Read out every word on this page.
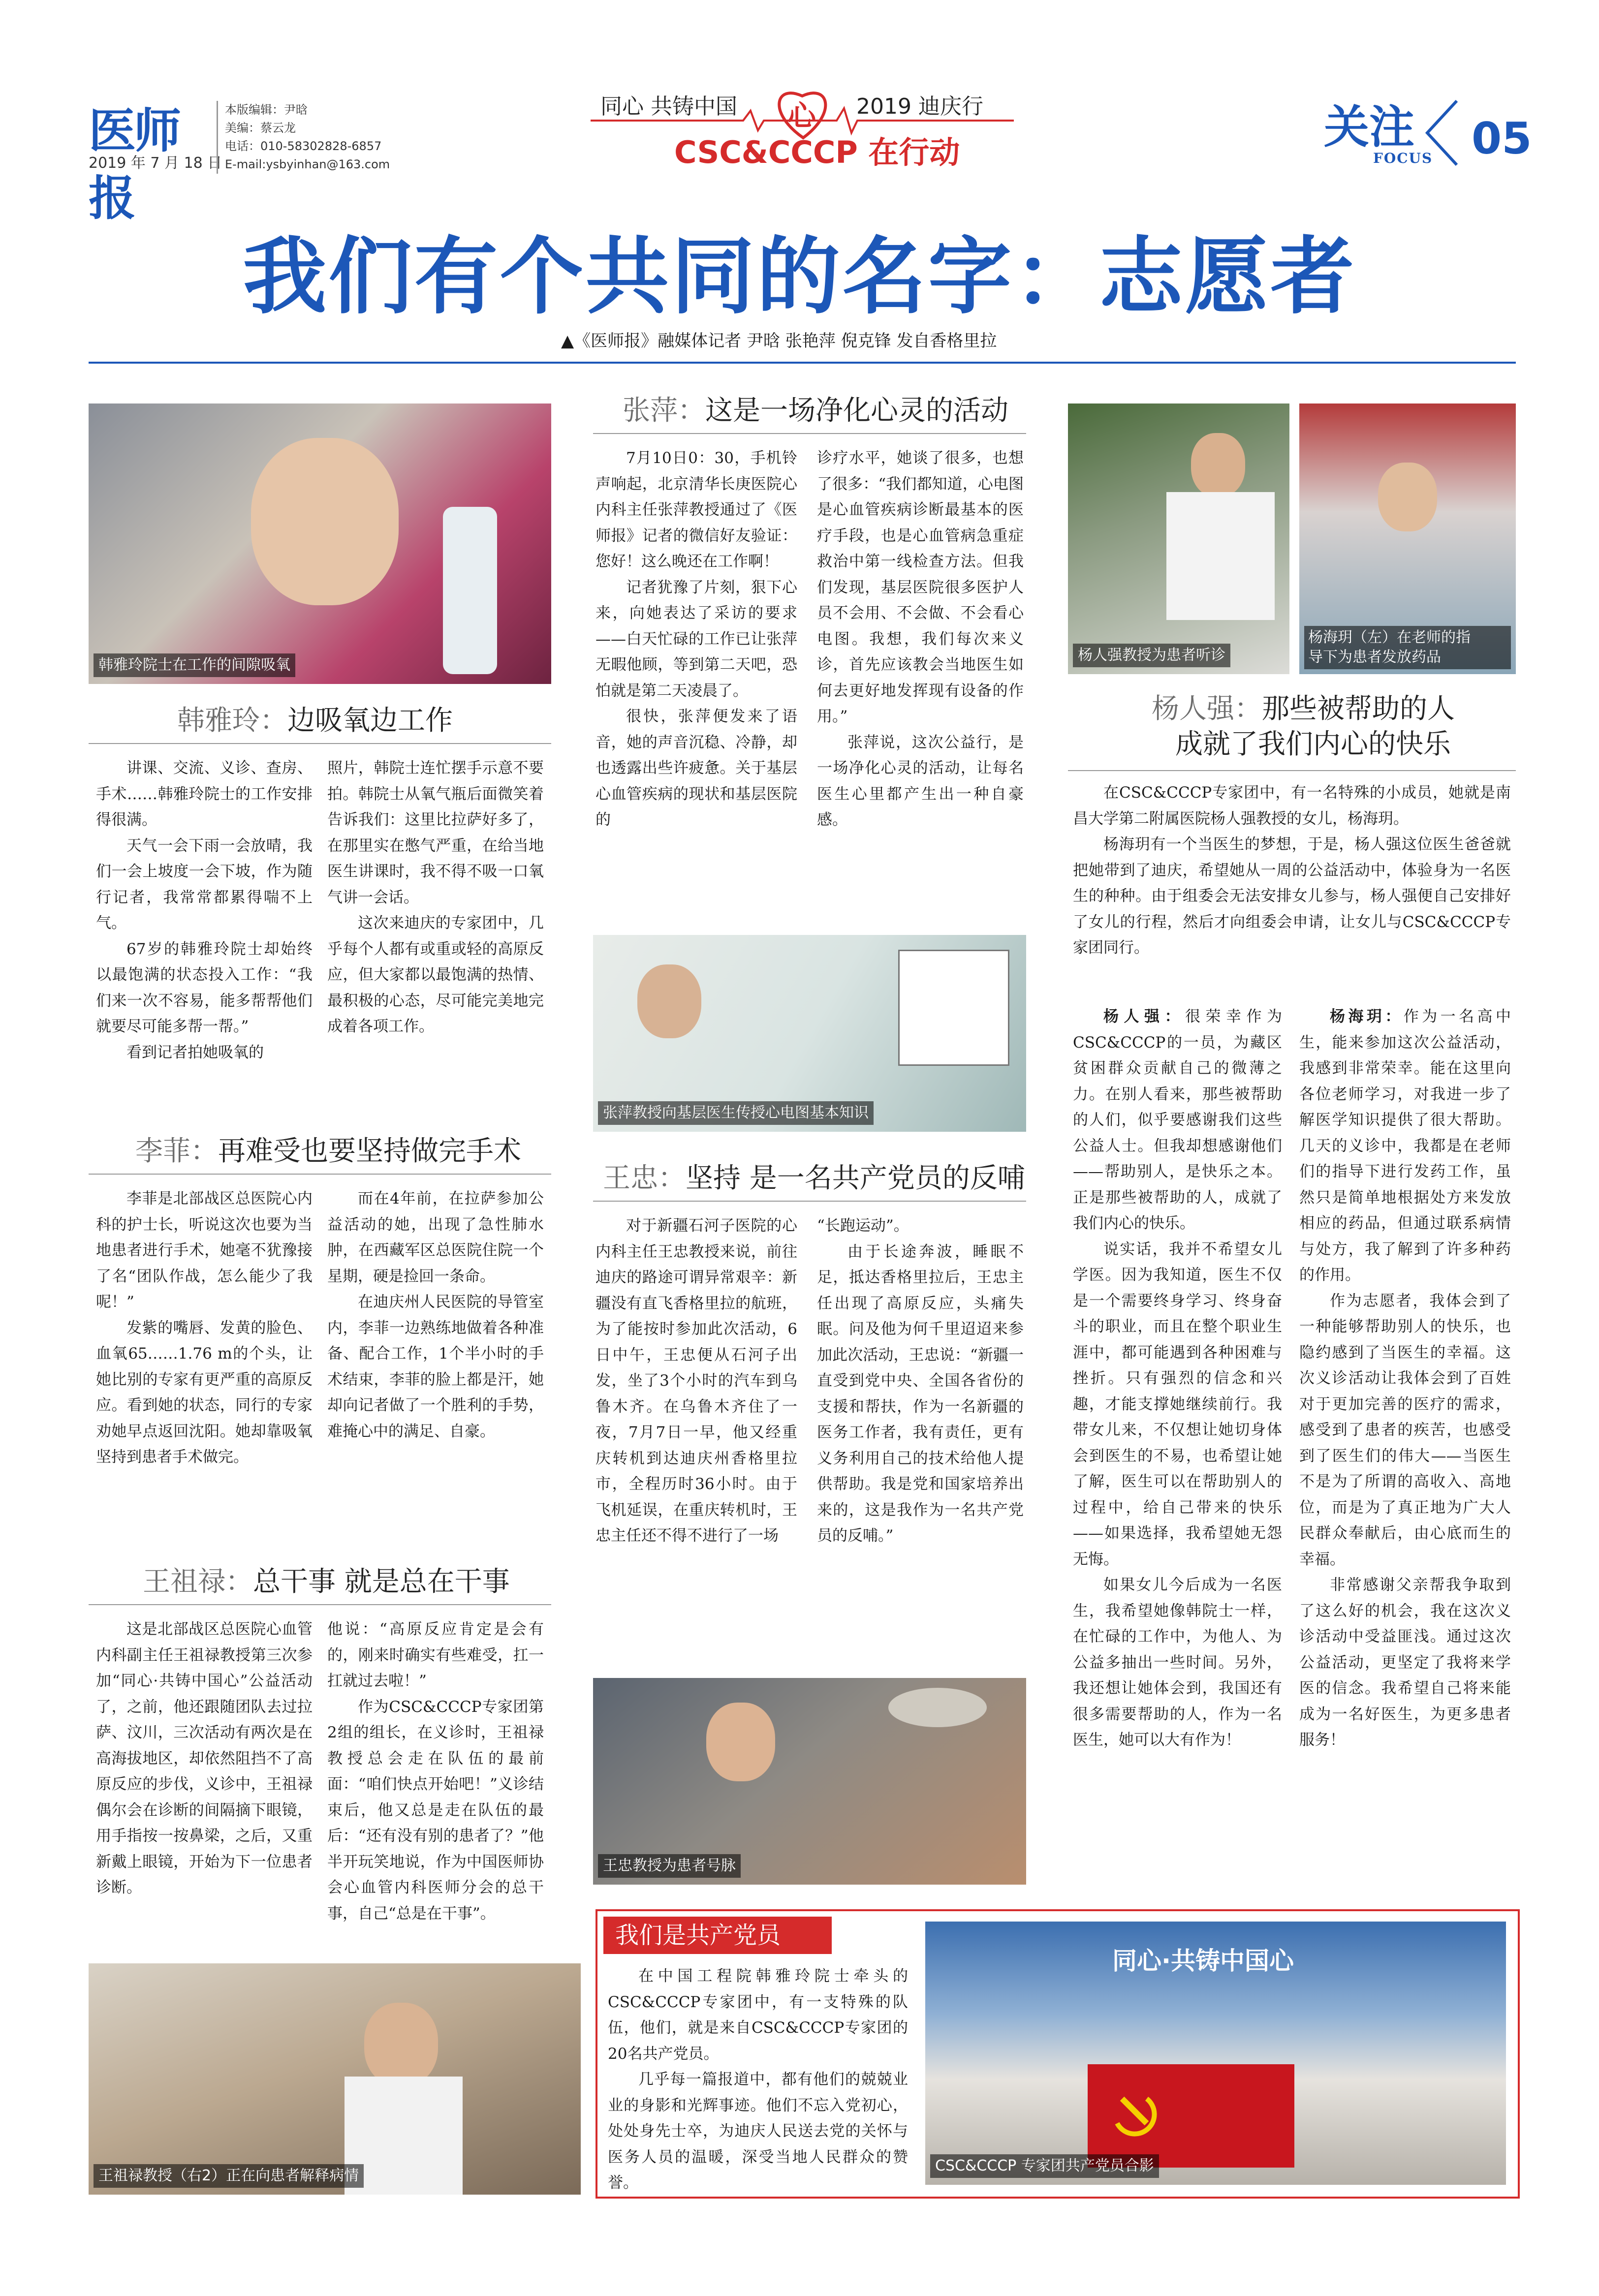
医师报
2019 年 7 月 18 日
本版编辑：尹晗
美编：蔡云龙
电话：010-58302828-6857
E-mail:ysbyinhan@163.com
同心 共铸中国 心 2019 迪庆行
CSC&CCCP 在行动	关注
FOCUS 05
我们有个共同的名字：志愿者
▲《医师报》融媒体记者 尹晗 张艳萍 倪克锋 发自香格里拉
韩雅玲院士在工作的间隙吸氧
韩雅玲：边吸氧边工作

讲课、交流、义诊、查房、手术……韩雅玲院士的工作安排得很满。

天气一会下雨一会放晴，我们一会上坡度一会下坡，作为随行记者，我常常都累得喘不上气。

67岁的韩雅玲院士却始终以最饱满的状态投入工作：“我们来一次不容易，能多帮帮他们就要尽可能多帮一帮。”

看到记者拍她吸氧的

照片，韩院士连忙摆手示意不要拍。韩院士从氧气瓶后面微笑着告诉我们：这里比拉萨好多了，在那里实在憋气严重，在给当地医生讲课时，我不得不吸一口氧气讲一会话。

这次来迪庆的专家团中，几乎每个人都有或重或轻的高原反应，但大家都以最饱满的热情、最积极的心态，尽可能完美地完成着各项工作。

李菲：再难受也要坚持做完手术

李菲是北部战区总医院心内科的护士长，听说这次也要为当地患者进行手术，她毫不犹豫接了名“团队作战，怎么能少了我呢！”

发紫的嘴唇、发黄的脸色、血氧65……1.76 m的个头，让她比别的专家有更严重的高原反应。看到她的状态，同行的专家劝她早点返回沈阳。她却靠吸氧坚持到患者手术做完。

而在4年前，在拉萨参加公益活动的她，出现了急性肺水肿，在西藏军区总医院住院一个星期，硬是捡回一条命。

在迪庆州人民医院的导管室内，李菲一边熟练地做着各种准备、配合工作，1个半小时的手术结束，李菲的脸上都是汗，她却向记者做了一个胜利的手势，难掩心中的满足、自豪。

王祖禄：总干事 就是总在干事

这是北部战区总医院心血管内科副主任王祖禄教授第三次参加“同心·共铸中国心”公益活动了，之前，他还跟随团队去过拉萨、汶川，三次活动有两次是在高海拔地区，却依然阻挡不了高原反应的步伐，义诊中，王祖禄偶尔会在诊断的间隔摘下眼镜，用手指按一按鼻梁，之后，又重新戴上眼镜，开始为下一位患者诊断。

他说：“高原反应肯定是会有的，刚来时确实有些难受，扛一扛就过去啦！”

作为CSC&CCCP专家团第2组的组长，在义诊时，王祖禄教授总会走在队伍的最前面：“咱们快点开始吧！”义诊结束后，他又总是走在队伍的最后：“还有没有别的患者了？”他半开玩笑地说，作为中国医师协会心血管内科医师分会的总干事，自己“总是在干事”。

王祖禄教授（右2）正在向患者解释病情
张萍：这是一场净化心灵的活动

7月10日0：30，手机铃声响起，北京清华长庚医院心内科主任张萍教授通过了《医师报》记者的微信好友验证：您好！这么晚还在工作啊！

记者犹豫了片刻，狠下心来，向她表达了采访的要求——白天忙碌的工作已让张萍无暇他顾，等到第二天吧，恐怕就是第二天凌晨了。

很快，张萍便发来了语音，她的声音沉稳、冷静，却也透露出些许疲惫。关于基层心血管疾病的现状和基层医院的

诊疗水平，她谈了很多，也想了很多：“我们都知道，心电图是心血管疾病诊断最基本的医疗手段，也是心血管病急重症救治中第一线检查方法。但我们发现，基层医院很多医护人员不会用、不会做、不会看心电图。我想，我们每次来义诊，首先应该教会当地医生如何去更好地发挥现有设备的作用。”

张萍说，这次公益行，是一场净化心灵的活动，让每名医生心里都产生出一种自豪感。

张萍教授向基层医生传授心电图基本知识
王忠：坚持 是一名共产党员的反哺

对于新疆石河子医院的心内科主任王忠教授来说，前往迪庆的路途可谓异常艰辛：新疆没有直飞香格里拉的航班，为了能按时参加此次活动，6日中午，王忠便从石河子出发，坐了3个小时的汽车到乌鲁木齐。在乌鲁木齐住了一夜，7月7日一早，他又经重庆转机到达迪庆州香格里拉市，全程历时36小时。由于飞机延误，在重庆转机时，王忠主任还不得不进行了一场

“长跑运动”。

由于长途奔波，睡眠不足，抵达香格里拉后，王忠主任出现了高原反应，头痛失眠。问及他为何千里迢迢来参加此次活动，王忠说：“新疆一直受到党中央、全国各省份的支援和帮扶，作为一名新疆的医务工作者，我有责任，更有义务利用自己的技术给他人提供帮助。我是党和国家培养出来的，这是我作为一名共产党员的反哺。”

王忠教授为患者号脉
杨人强教授为患者听诊
杨海玥（左）在老师的指
导下为患者发放药品
杨人强：那些被帮助的人
成就了我们内心的快乐

在CSC&CCCP专家团中，有一名特殊的小成员，她就是南昌大学第二附属医院杨人强教授的女儿，杨海玥。

杨海玥有一个当医生的梦想，于是，杨人强这位医生爸爸就把她带到了迪庆，希望她从一周的公益活动中，体验身为一名医生的种种。由于组委会无法安排女儿参与，杨人强便自己安排好了女儿的行程，然后才向组委会申请，让女儿与CSC&CCCP专家团同行。

杨人强：很荣幸作为CSC&CCCP的一员，为藏区贫困群众贡献自己的微薄之力。在别人看来，那些被帮助的人们，似乎要感谢我们这些公益人士。但我却想感谢他们——帮助别人，是快乐之本。正是那些被帮助的人，成就了我们内心的快乐。

说实话，我并不希望女儿学医。因为我知道，医生不仅是一个需要终身学习、终身奋斗的职业，而且在整个职业生涯中，都可能遇到各种困难与挫折。只有强烈的信念和兴趣，才能支撑她继续前行。我带女儿来，不仅想让她切身体会到医生的不易，也希望让她了解，医生可以在帮助别人的过程中，给自己带来的快乐——如果选择，我希望她无怨无悔。

如果女儿今后成为一名医生，我希望她像韩院士一样，在忙碌的工作中，为他人、为公益多抽出一些时间。另外，我还想让她体会到，我国还有很多需要帮助的人，作为一名医生，她可以大有作为！

杨海玥：作为一名高中生，能来参加这次公益活动，我感到非常荣幸。能在这里向各位老师学习，对我进一步了解医学知识提供了很大帮助。几天的义诊中，我都是在老师们的指导下进行发药工作，虽然只是简单地根据处方来发放相应的药品，但通过联系病情与处方，我了解到了许多种药的作用。

作为志愿者，我体会到了一种能够帮助别人的快乐，也隐约感到了当医生的幸福。这次义诊活动让我体会到了百姓对于更加完善的医疗的需求，感受到了患者的疾苦，也感受到了医生们的伟大——当医生不是为了所谓的高收入、高地位，而是为了真正地为广大人民群众奉献后，由心底而生的幸福。

非常感谢父亲帮我争取到了这么好的机会，我在这次义诊活动中受益匪浅。通过这次公益活动，更坚定了我将来学医的信念。我希望自己将来能成为一名好医生，为更多患者服务！

我们是共产党员

在中国工程院韩雅玲院士牵头的CSC&CCCP专家团中，有一支特殊的队伍，他们，就是来自CSC&CCCP专家团的20名共产党员。

几乎每一篇报道中，都有他们的兢兢业业的身影和光辉事迹。他们不忘入党初心，处处身先士卒，为迪庆人民送去党的关怀与医务人员的温暖，深受当地人民群众的赞誉。

同心·共铸中国心
CSC&CCCP 专家团共产党员合影
